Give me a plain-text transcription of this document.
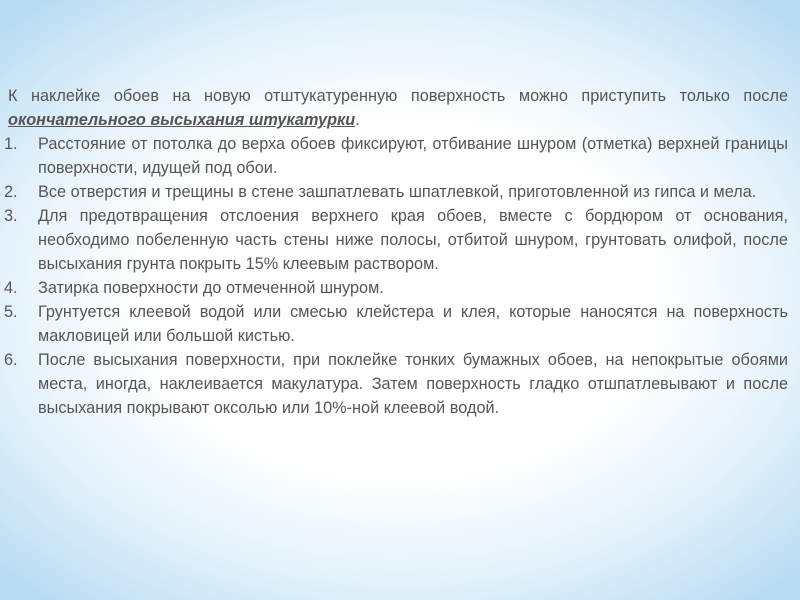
К наклейке обоев на новую отштукатуренную поверхность можно приступить только после окончательного высыхания штукатурки.

1. Расстояние от потолка до верха обоев фиксируют, отбивание шнуром (отметка) верхней границы поверхности, идущей под обои.
2. Все отверстия и трещины в стене зашпатлевать шпатлевкой, приготовленной из гипса и мела.
3. Для предотвращения отслоения верхнего края обоев, вместе с бордюром от основания, необходимо побеленную часть стены ниже полосы, отбитой шнуром, грунтовать олифой, после высыхания грунта покрыть 15% клеевым раствором.
4. Затирка поверхности до отмеченной шнуром.
5. Грунтуется клеевой водой или смесью клейстера и клея, которые наносятся на поверхность макловицей или большой кистью.
6. После высыхания поверхности, при поклейке тонких бумажных обоев, на непокрытые обоями места, иногда, наклеивается макулатура. Затем поверхность гладко отшпатлевывают и после высыхания покрывают оксолью или 10%-ной клеевой водой.
